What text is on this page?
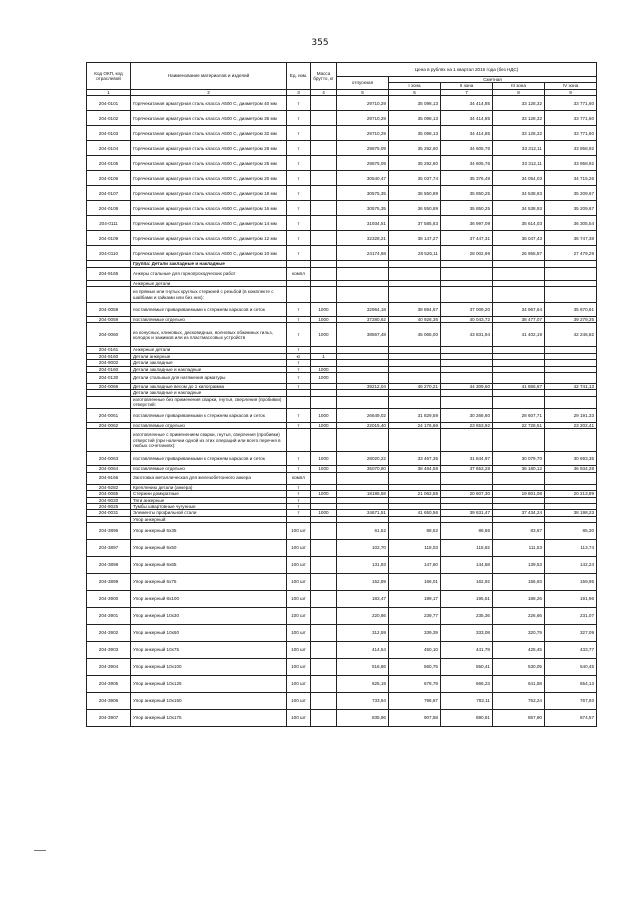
355
Код ОКП, код отраслевой	Наименование материалов и изделий	Ед. изм.	Масса брутто, кг	Цена в рублях на 1 квартал 2016 года (без НДС)				
				отпускная	Сметная			
					I зона	II зона	III зона	IV зона
1	2	3	4	5	6	7	8	9
204-0101	Горячекатаная арматурная сталь класса А500 С, диаметром 40 мм	т		29710,29	35 098,13	34 414,85	33 128,32	33 771,60
204-0102	Горячекатаная арматурная сталь класса А500 С, диаметром 36 мм	т		29710,29	35 098,13	34 414,85	33 128,32	33 771,60
204-0103	Горячекатаная арматурная сталь класса А500 С, диаметром 32 мм	т		29710,29	35 098,13	34 414,85	33 128,32	33 771,60
204-0104	Горячекатаная арматурная сталь класса А500 С, диаметром 28 мм	т		29875,09	35 292,60	34 605,76	33 312,11	33 958,92
204-0105	Горячекатаная арматурная сталь класса А500 С, диаметром 25 мм	т		29875,09	35 292,60	34 605,76	33 312,11	33 958,92
204-0106	Горячекатаная арматурная сталь класса А500 С, диаметром 20 мм	т		30540,47	35 037,74	35 376,49	34 054,03	34 715,26
204-0107	Горячекатаная арматурная сталь класса А500 С, диаметром 18 мм	т		30575,35	36 550,89	35 850,25	34 538,93	35 209,67
204-0108	Горячекатаная арматурная сталь класса А500 С, диаметром 16 мм	т		30575,35	36 550,89	35 850,25	34 538,93	35 209,67
204-0111	Горячекатаная арматурная сталь класса А500 С, диаметром 14 мм	т		31934,51	37 585,63	36 997,09	35 614,03	36 305,54
204-0109	Горячекатаная арматурная сталь класса А500 С, диаметром 12 мм	т		32328,21	38 147,27	37 447,31	36 047,43	36 747,38
204-0110	Горячекатаная арматурная сталь класса А500 С, диаметром 10 мм	т		24174,68	28 526,11	28 002,69	26 955,87	27 479,29
	Группа: Детали закладные и накладные							
204-9165	Анкеры стальные для горнопроходческих работ	компл						
	Анкерные детали							
	из прямых или гнутых круглых стержней с резьбой (в комплекте с шайбами и гайками или без них):							
204-0058	поставляемые привариваемыми к стержням каркасов и сеток	т	1000	32964,18	38 894,67	37 009,20	34 967,64	35 670,61
204-0059	поставляемые отдельно	т	1000	37280,62	40 926,36	40 043,72	38 477,07	39 279,25
204-0060	из конусных, клиновых, дисковидных, волновых обжимных гильз, колодок и зажимов или из пластмассовых устройств	т	1000	38567,48	45 065,00	43 831,94	41 402,19	42 246,82
204-0161	Анкерные детали	т						
204-9160	Детали анкерные	кг	1					
204-9002	Детали закладные	т						
204-0160	Детали закладные и накладные	т	1000					
204-0130	Детали стальные для натяжения арматуры	т	1000					
204-0066	Детали закладные весом до 1 килограмма	т		39212,04	46 270,21	44 309,60	41 856,67	42 741,13
	Детали закладные и накладные							
	изготовленные без применения сварки, гнутья, сверления (пробивки) отверстий:							
204-0061	поставляемые привариваемыми к стержням каркасов и сеток	т	1000	26649,02	31 829,59	30 266,60	28 607,71	29 191,33
204-0062	поставляемые отдельно	т	1000	22015,40	24 176,66	23 653,92	22 728,51	23 202,41
	изготовленные с применением сварки, гнутья, сверления (пробивки) отверстий (при наличии одной из этих операций или всего перечня в любых сочетаниях):							
204-0063	поставляемые привариваемыми к стержням каркасов и сеток	т	1000	28020,22	33 467,35	31 844,97	30 079,70	30 693,35
204-0064	поставляемые отдельно	т	1000	35070,80	38 484,58	37 653,28	36 180,12	36 934,28
204-9166	Заготовка металлическая для железобетонного анкера	компл						
204-9282	Креплению детали (анкера)	т						
204-0065	Стержни домкратные	т	1000	18185,58	21 062,55	20 607,30	19 801,08	20 213,89
204-9020	Тяги анкерные	т						
204-9025	Тумбы швартовные чугунные	т						
204-0031	Элементы профильной стали	т	1000	34671,51	41 650,56	39 631,47	37 434,24	38 198,23
	Упор анкерный:							
204-3896	Упор анкерный 6х35	100 шт		61,52	88,52	86,86	83,67	85,30
204-3897	Упор анкерный 6х50	100 шт		102,70	118,03	115,82	111,53	113,74
204-3898	Упор анкерный 6х65	100 шт		131,93	147,60	144,58	139,53	142,24
204-3899	Упор анкерный 6х75	100 шт		152,89	166,01	162,92	156,93	159,95
204-3900	Упор анкерный 8х100	100 шт		183,47	199,17	195,51	188,26	191,96
204-3901	Упор анкерный 10х30	100 шт		220,86	239,77	235,36	226,66	231,07
204-3902	Упор анкерный 10х50	100 шт		312,59	339,39	333,08	320,79	327,09
204-3903	Упор анкерный 10х75	100 шт		414,54	450,10	441,78	425,45	433,77
204-3904	Упор анкерный 10х100	100 шт		516,86	560,75	550,41	530,05	540,45
204-3905	Упор анкерный 10х125	100 шт		625,19	678,79	666,23	641,58	654,13
204-3906	Упор анкерный 10х150	100 шт		733,94	796,87	782,11	753,24	767,93
204-3907	Упор анкерный 10х175	100 шт		835,96	907,58	890,81	857,90	874,57
